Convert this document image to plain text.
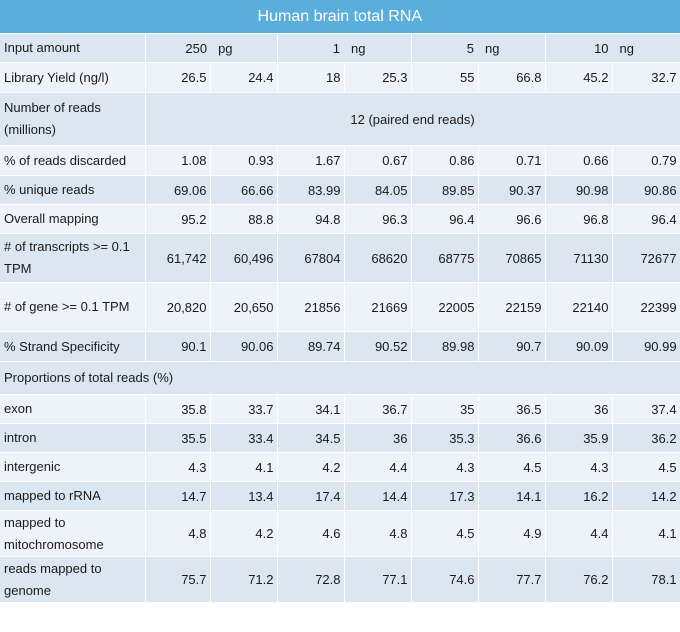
Human brain total RNA								
Input amount	250 pg		1 ng		5 ng		10 ng	

Library Yield (ng/l)	26.5	24.4	18	25.3	55	66.8	45.2	32.7
Number of reads (millions)	12 (paired end reads)							
% of reads discarded	1.08	0.93	1.67	0.67	0.86	0.71	0.66	0.79
% unique reads	69.06	66.66	83.99	84.05	89.85	90.37	90.98	90.86
Overall mapping	95.2	88.8	94.8	96.3	96.4	96.6	96.8	96.4
# of transcripts >= 0.1 TPM	61,742	60,496	67804	68620	68775	70865	71130	72677
# of gene >= 0.1 TPM	20,820	20,650	21856	21669	22005	22159	22140	22399
% Strand Specificity	90.1	90.06	89.74	90.52	89.98	90.7	90.09	90.99
Proportions of total reads (%)								
exon	35.8	33.7	34.1	36.7	35	36.5	36	37.4
intron	35.5	33.4	34.5	36	35.3	36.6	35.9	36.2
intergenic	4.3	4.1	4.2	4.4	4.3	4.5	4.3	4.5
mapped to rRNA	14.7	13.4	17.4	14.4	17.3	14.1	16.2	14.2
mapped to mitochromosome	4.8	4.2	4.6	4.8	4.5	4.9	4.4	4.1
reads mapped to genome	75.7	71.2	72.8	77.1	74.6	77.7	76.2	78.1
